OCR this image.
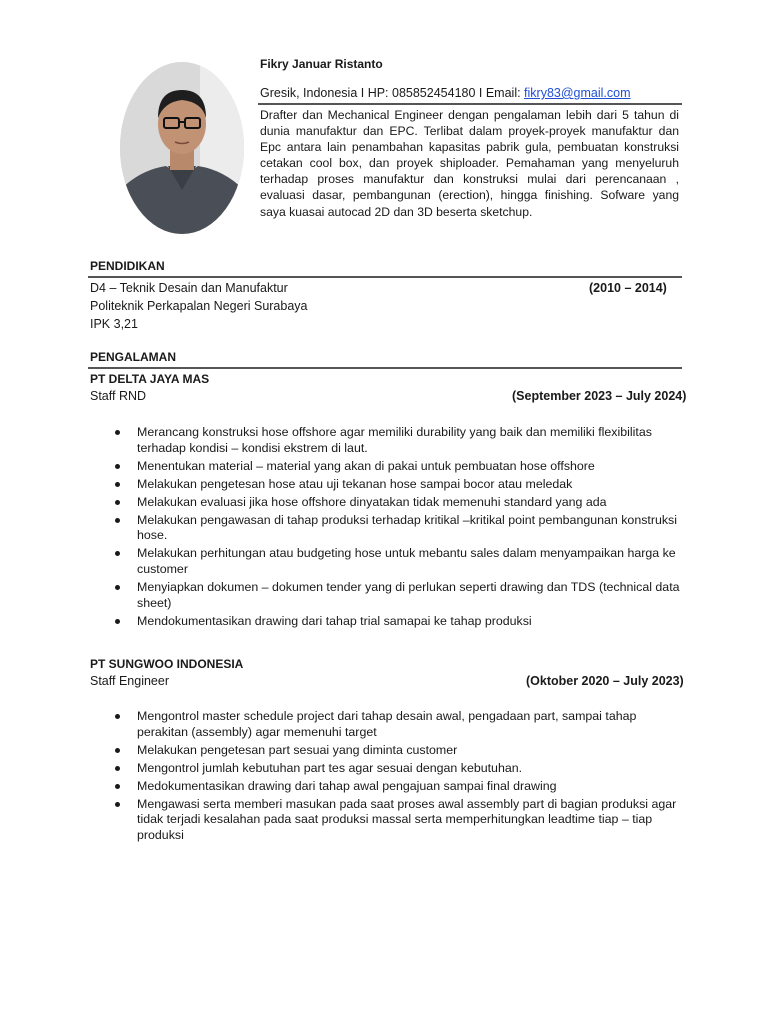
Fikry Januar Ristanto
Gresik, Indonesia I HP: 085852454180 I Email: fikry83@gmail.com
Drafter dan Mechanical Engineer dengan pengalaman lebih dari 5 tahun di dunia manufaktur dan EPC. Terlibat dalam proyek-proyek manufaktur dan Epc antara lain penambahan kapasitas pabrik gula, pembuatan konstruksi cetakan cool box, dan proyek shiploader. Pemahaman yang menyeluruh terhadap proses manufaktur dan konstruksi mulai dari perencanaan , evaluasi dasar, pembangunan (erection), hingga finishing. Sofware yang saya kuasai autocad 2D dan 3D beserta sketchup.
PENDIDIKAN
D4 – Teknik Desain dan Manufaktur	(2010 – 2014)
Politeknik Perkapalan Negeri Surabaya
IPK 3,21
PENGALAMAN
PT DELTA JAYA MAS
Staff RND	(September 2023 – July 2024)
Merancang konstruksi hose offshore agar memiliki durability yang baik dan memiliki flexibilitas terhadap kondisi – kondisi ekstrem di laut.
Menentukan material – material yang akan di pakai untuk pembuatan hose offshore
Melakukan pengetesan hose atau uji tekanan hose sampai bocor atau meledak
Melakukan evaluasi jika hose offshore dinyatakan tidak memenuhi standard yang ada
Melakukan pengawasan di tahap produksi terhadap kritikal –kritikal point pembangunan konstruksi hose.
Melakukan perhitungan atau budgeting hose untuk mebantu sales dalam menyampaikan harga ke customer
Menyiapkan dokumen – dokumen tender yang di perlukan seperti drawing dan TDS (technical data sheet)
Mendokumentasikan drawing dari tahap trial samapai ke tahap produksi
PT SUNGWOO INDONESIA
Staff Engineer	(Oktober 2020 – July 2023)
Mengontrol master schedule project dari tahap desain awal, pengadaan part, sampai tahap perakitan (assembly) agar memenuhi target
Melakukan pengetesan part sesuai yang diminta customer
Mengontrol jumlah kebutuhan part tes agar sesuai dengan kebutuhan.
Medokumentasikan drawing dari tahap awal pengajuan sampai final drawing
Mengawasi serta memberi masukan pada saat proses awal assembly part di bagian produksi agar tidak terjadi kesalahan pada saat produksi massal serta memperhitungkan leadtime tiap – tiap produksi
